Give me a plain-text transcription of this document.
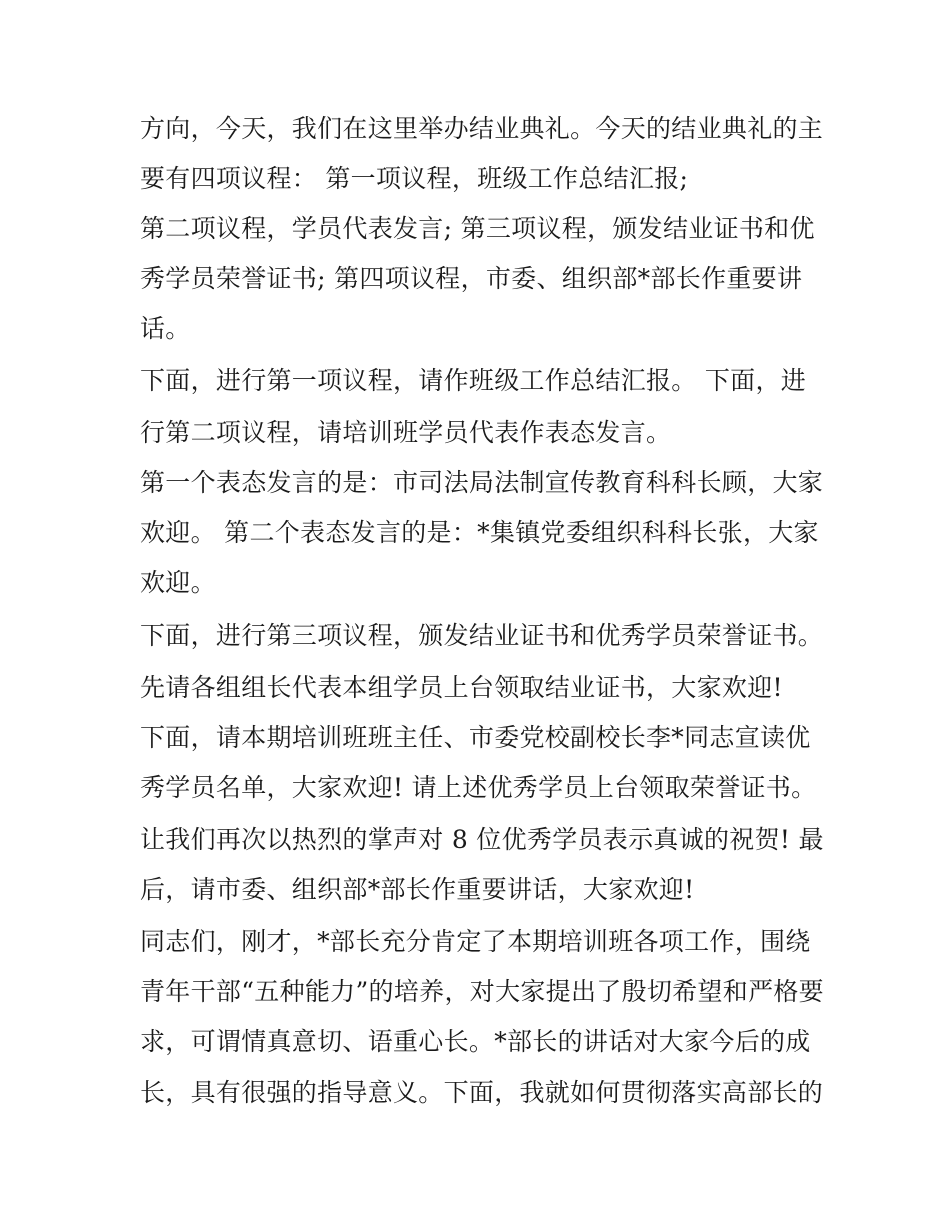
方向，今天，我们在这里举办结业典礼。今天的结业典礼的主

要有四项议程： 第一项议程，班级工作总结汇报;

第二项议程，学员代表发言; 第三项议程，颁发结业证书和优

秀学员荣誉证书; 第四项议程，市委、组织部*部长作重要讲

话。

下面，进行第一项议程，请作班级工作总结汇报。 下面，进

行第二项议程，请培训班学员代表作表态发言。

第一个表态发言的是：市司法局法制宣传教育科科长顾，大家

欢迎。 第二个表态发言的是：*集镇党委组织科科长张，大家

欢迎。

下面，进行第三项议程，颁发结业证书和优秀学员荣誉证书。

先请各组组长代表本组学员上台领取结业证书，大家欢迎!

下面，请本期培训班班主任、市委党校副校长李*同志宣读优

秀学员名单，大家欢迎! 请上述优秀学员上台领取荣誉证书。

让我们再次以热烈的掌声对 8 位优秀学员表示真诚的祝贺! 最

后，请市委、组织部*部长作重要讲话，大家欢迎!

同志们，刚才，*部长充分肯定了本期培训班各项工作，围绕

青年干部“五种能力”的培养，对大家提出了殷切希望和严格要

求，可谓情真意切、语重心长。*部长的讲话对大家今后的成

长，具有很强的指导意义。下面，我就如何贯彻落实高部长的
